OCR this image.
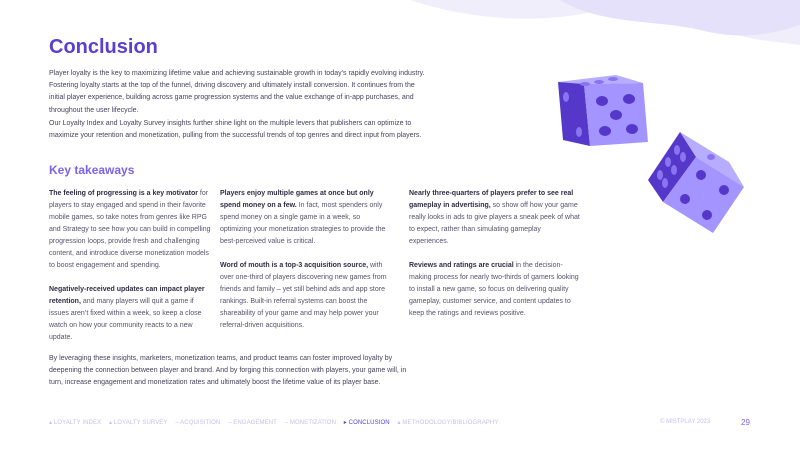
Conclusion
Player loyalty is the key to maximizing lifetime value and achieving sustainable growth in today’s rapidly evolving industry. Fostering loyalty starts at the top of the funnel, driving discovery and ultimately install conversion. It continues from the initial player experience, building across game progression systems and the value exchange of in-app purchases, and throughout the user lifecycle.
Our Loyalty Index and Loyalty Survey insights further shine light on the multiple levers that publishers can optimize to maximize your retention and monetization, pulling from the successful trends of top genres and direct input from players.
Key takeaways

The feeling of progressing is a key motivator for players to stay engaged and spend in their favorite mobile games, so take notes from genres like RPG and Strategy to see how you can build in compelling progression loops, provide fresh and challenging content, and introduce diverse monetization models to boost engagement and spending.

Negatively-received updates can impact player retention, and many players will quit a game if issues aren’t fixed within a week, so keep a close watch on how your community reacts to a new update.

Players enjoy multiple games at once but only spend money on a few. In fact, most spenders only spend money on a single game in a week, so optimizing your monetization strategies to provide the best-perceived value is critical.

Word of mouth is a top-3 acquisition source, with over one-third of players discovering new games from friends and family – yet still behind ads and app store rankings. Built-in referral systems can boost the shareability of your game and may help power your referral-driven acquisitions.

Nearly three-quarters of players prefer to see real gameplay in advertising, so show off how your game really looks in ads to give players a sneak peek of what to expect, rather than simulating gameplay experiences.

Reviews and ratings are crucial in the decision-making process for nearly two-thirds of gamers looking to install a new game, so focus on delivering quality gameplay, customer service, and content updates to keep the ratings and reviews positive.

By leveraging these insights, marketers, monetization teams, and product teams can foster improved loyalty by deepening the connection between player and brand. And by forging this connection with players, your game will, in turn, increase engagement and monetization rates and ultimately boost the lifetime value of its player base.
▴ LOYALTY INDEX ▴ LOYALTY SURVEY – ACQUISITION – ENGAGEMENT – MONETIZATION ▸ CONCLUSION ▴ METHODOLOGY/BIBLIOGRAPHY	© MISTPLAY 2023	29
